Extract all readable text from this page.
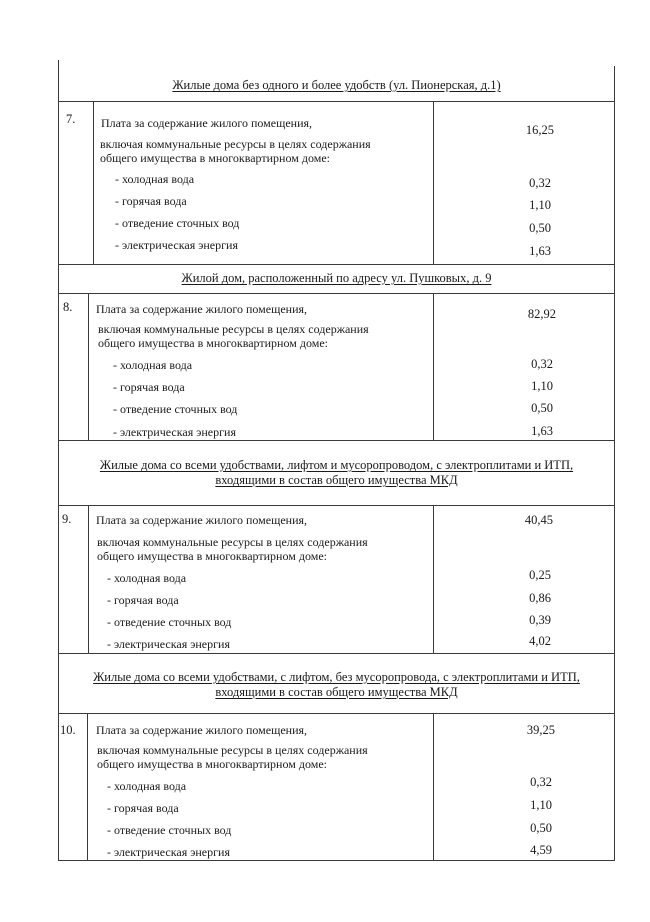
Жилые дома без одного и более удобств (ул. Пионерская, д.1)
7. Плата за содержание жилого помещения,	16,25
включая коммунальные ресурсы в целях содержания
общего имущества в многоквартирном доме:
- холодная вода	0,32
- горячая вода	1,10
- отведение сточных вод	0,50
- электрическая энергия	1,63
Жилой дом, расположенный по адресу ул. Пушковых, д. 9
8. Плата за содержание жилого помещения,	82,92
включая коммунальные ресурсы в целях содержания
общего имущества в многоквартирном доме:
- холодная вода	0,32
- горячая вода	1,10
- отведение сточных вод	0,50
- электрическая энергия	1,63
Жилые дома со всеми удобствами, лифтом и мусоропроводом, с электроплитами и ИТП,
входящими в состав общего имущества МКД
9. Плата за содержание жилого помещения,	40,45
включая коммунальные ресурсы в целях содержания
общего имущества в многоквартирном доме:
- холодная вода	0,25
- горячая вода	0,86
- отведение сточных вод	0,39
- электрическая энергия	4,02
Жилые дома со всеми удобствами, с лифтом, без мусоропровода, с электроплитами и ИТП,
входящими в состав общего имущества МКД
10. Плата за содержание жилого помещения,	39,25
включая коммунальные ресурсы в целях содержания
общего имущества в многоквартирном доме:
- холодная вода	0,32
- горячая вода	1,10
- отведение сточных вод	0,50
- электрическая энергия	4,59
